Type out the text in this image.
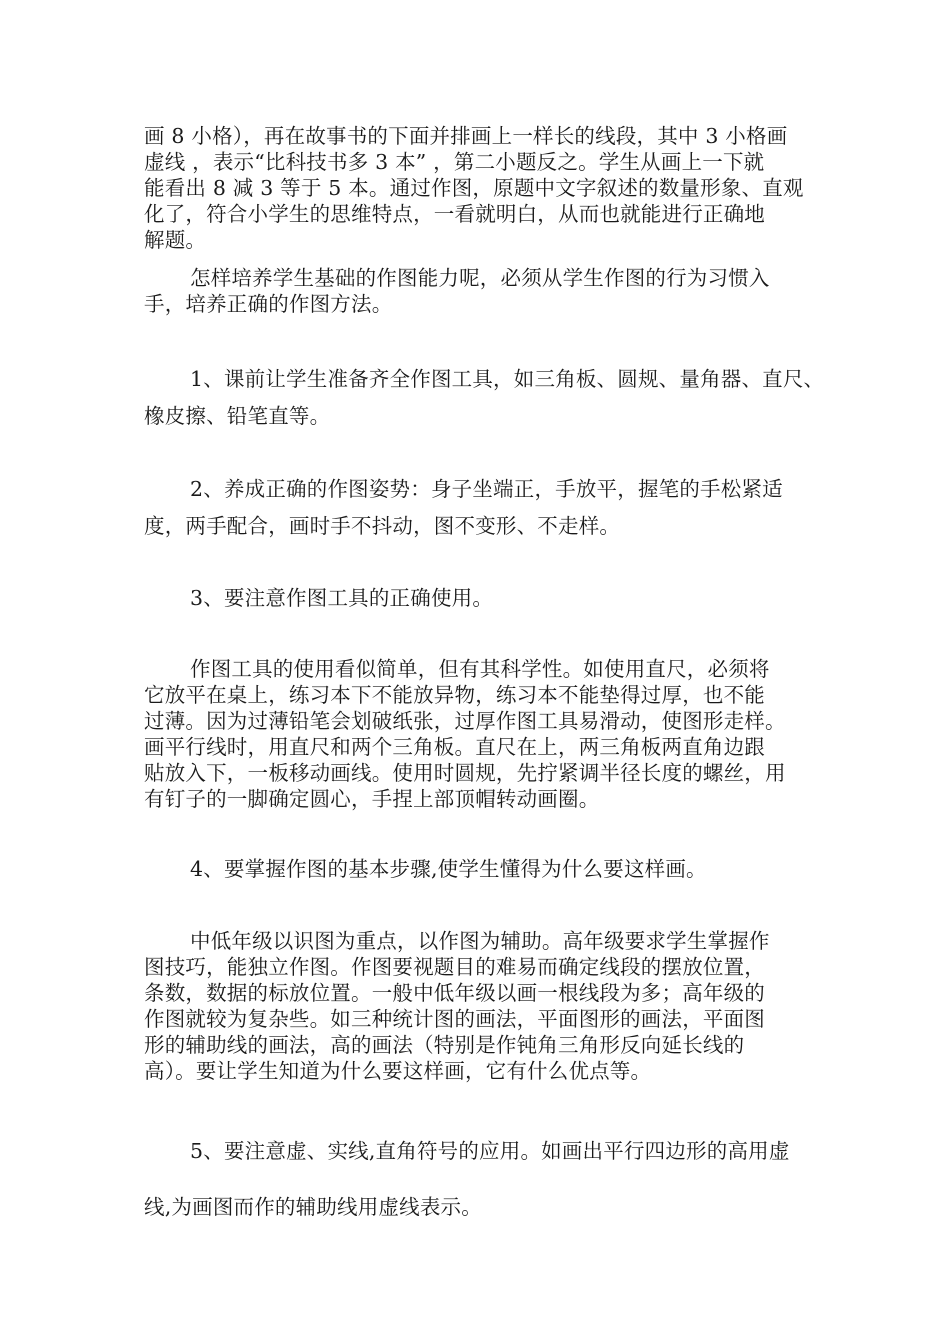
画 8 小格），再在故事书的下面并排画上一样长的线段，其中 3 小格画
虚线 ，表示“比科技书多 3 本” ，第二小题反之。学生从画上一下就
能看出 8 减 3 等于 5 本。通过作图，原题中文字叙述的数量形象、直观
化了，符合小学生的思维特点，一看就明白，从而也就能进行正确地
解题。
怎样培养学生基础的作图能力呢，必须从学生作图的行为习惯入
手，培养正确的作图方法。
1、课前让学生准备齐全作图工具，如三角板、圆规、量角器、直尺、
橡皮擦、铅笔直等。
2、养成正确的作图姿势：身子坐端正，手放平，握笔的手松紧适
度，两手配合，画时手不抖动，图不变形、不走样。
3、要注意作图工具的正确使用。
作图工具的使用看似简单，但有其科学性。如使用直尺，必须将
它放平在桌上，练习本下不能放异物，练习本不能垫得过厚，也不能
过薄。因为过薄铅笔会划破纸张，过厚作图工具易滑动，使图形走样。
画平行线时，用直尺和两个三角板。直尺在上，两三角板两直角边跟
贴放入下，一板移动画线。使用时圆规，先拧紧调半径长度的螺丝，用
有钉子的一脚确定圆心，手捏上部顶帽转动画圈。
4、要掌握作图的基本步骤,使学生懂得为什么要这样画。
中低年级以识图为重点，以作图为辅助。高年级要求学生掌握作
图技巧，能独立作图。作图要视题目的难易而确定线段的摆放位置，
条数，数据的标放位置。一般中低年级以画一根线段为多；高年级的
作图就较为复杂些。如三种统计图的画法，平面图形的画法，平面图
形的辅助线的画法，高的画法（特别是作钝角三角形反向延长线的
高）。要让学生知道为什么要这样画，它有什么优点等。
5、要注意虚、实线,直角符号的应用。如画出平行四边形的高用虚
线,为画图而作的辅助线用虚线表示。
